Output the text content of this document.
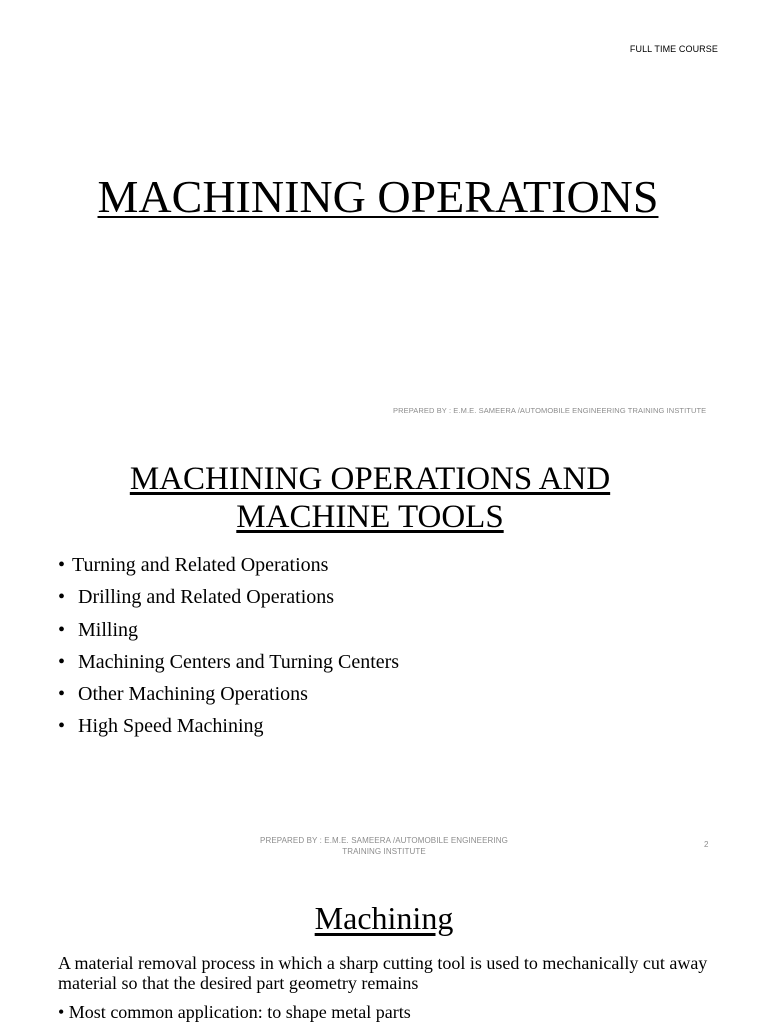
FULL TIME COURSE
MACHINING OPERATIONS
PREPARED BY : E.M.E. SAMEERA /AUTOMOBILE ENGINEERING TRAINING INSTITUTE
MACHINING OPERATIONS AND
MACHINE TOOLS
• Turning and Related Operations
• Drilling and Related Operations
• Milling
• Machining Centers and Turning Centers
• Other Machining Operations
• High Speed Machining
PREPARED BY : E.M.E. SAMEERA /AUTOMOBILE ENGINEERING
TRAINING INSTITUTE
2
Machining

A material removal process in which a sharp cutting tool is used to mechanically cut away material so that the desired part geometry remains

• Most common application: to shape metal parts
